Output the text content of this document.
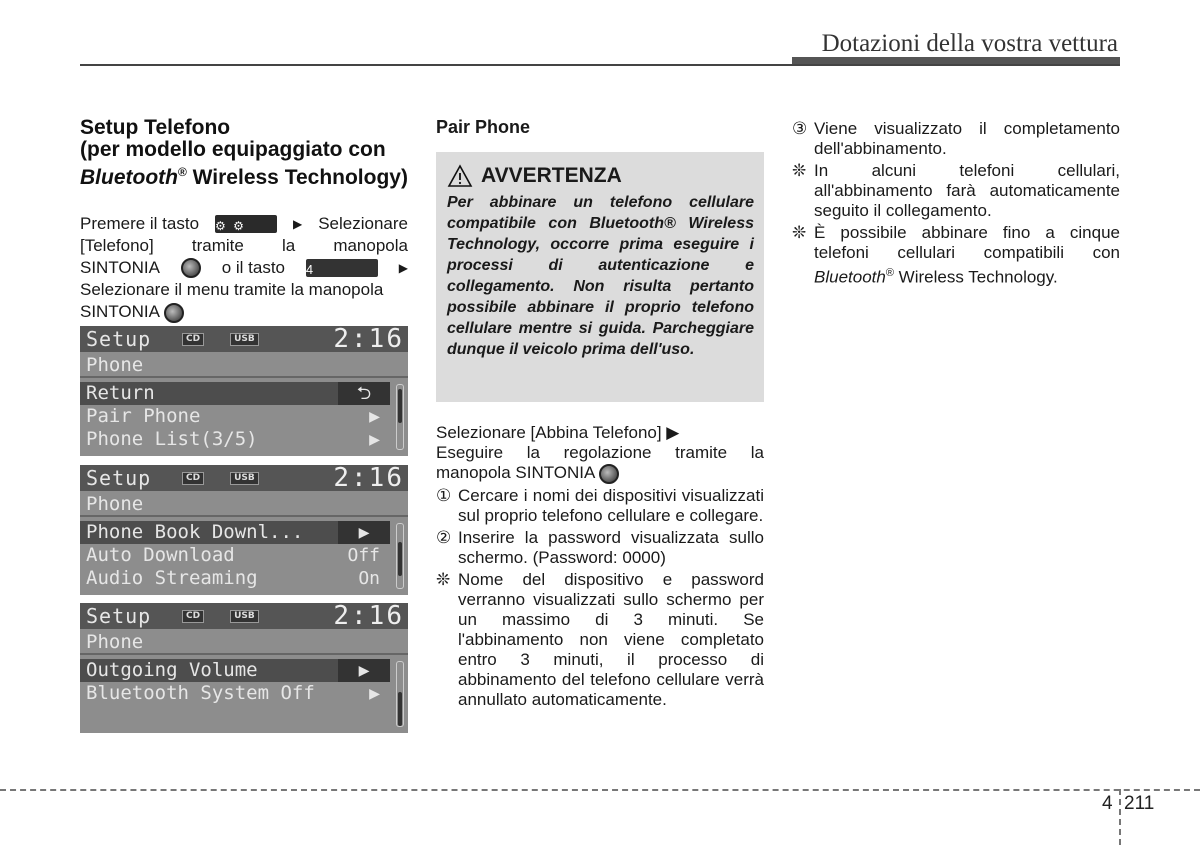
Dotazioni della vostra vettura
Setup Telefono
(per modello equipaggiato con
Bluetooth® Wireless Technology)
Premere il tasto ⚙ ⚙	▶ Selezionare
[Telefono] tramite la manopola
SINTONIA	o il tasto 4	▶
Selezionare il menu tramite la manopola
SINTONIA
Setup	CD	USB	2:16
Phone
Return	⮌
Pair Phone	▶
Phone List(3/5)	▶
Setup	CD	USB	2:16
Phone
Phone Book Downl...	▶
Auto Download	Off
Audio Streaming	On
Setup	CD	USB	2:16
Phone
Outgoing Volume	▶
Bluetooth System Off	▶
Pair Phone
AVVERTENZA
Per abbinare un telefono cellulare compatibile con Bluetooth® Wireless Technology, occorre prima eseguire i processi di autenticazione e collegamento. Non risulta pertanto possibile abbinare il proprio telefono cellulare mentre si guida. Parcheggiare dunque il veicolo prima dell'uso.
Selezionare [Abbina Telefono] ▶
Eseguire la regolazione tramite la manopola SINTONIA
① Cercare i nomi dei dispositivi visualizzati sul proprio telefono cellulare e collegare.
② Inserire la password visualizzata sullo schermo. (Password: 0000)
❊ Nome del dispositivo e password verranno visualizzati sullo schermo per un massimo di 3 minuti. Se l'abbinamento non viene completato entro 3 minuti, il processo di abbinamento del telefono cellulare verrà annullato automaticamente.
③ Viene visualizzato il completamento dell'abbinamento.
❊ In alcuni telefoni cellulari, all'abbinamento farà automaticamente seguito il collegamento.
❊ È possibile abbinare fino a cinque telefoni cellulari compatibili con Bluetooth® Wireless Technology.
4 211
